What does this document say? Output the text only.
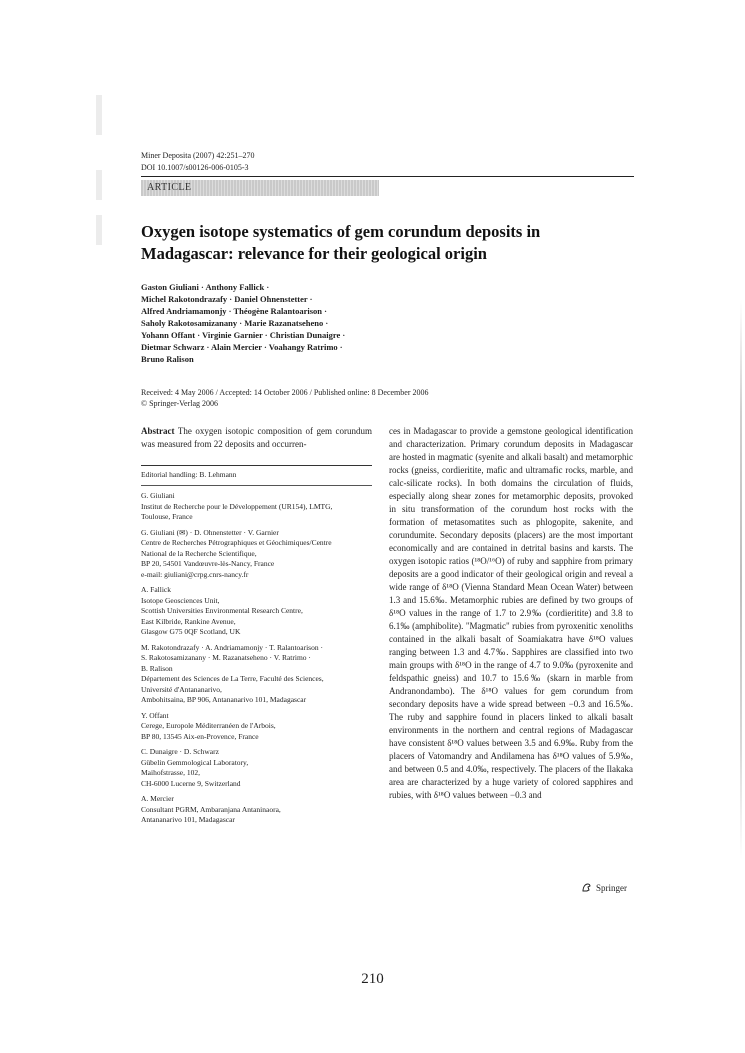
Miner Deposita (2007) 42:251–270
DOI 10.1007/s00126-006-0105-3
ARTICLE
Oxygen isotope systematics of gem corundum deposits in Madagascar: relevance for their geological origin
Gaston Giuliani · Anthony Fallick ·
Michel Rakotondrazafy · Daniel Ohnenstetter ·
Alfred Andriamamonjy · Théogène Ralantoarison ·
Saholy Rakotosamizanany · Marie Razanatseheno ·
Yohann Offant · Virginie Garnier · Christian Dunaigre ·
Dietmar Schwarz · Alain Mercier · Voahangy Ratrimo ·
Bruno Ralison
Received: 4 May 2006 / Accepted: 14 October 2006 / Published online: 8 December 2006
© Springer-Verlag 2006

Abstract The oxygen isotopic composition of gem corundum was measured from 22 deposits and occurren-

Editorial handling: B. Lehmann
G. Giuliani
Institut de Recherche pour le Développement (UR154), LMTG,
Toulouse, France
G. Giuliani (✉) · D. Ohnenstetter · V. Garnier
Centre de Recherches Pétrographiques et Géochimiques/Centre
National de la Recherche Scientifique,
BP 20, 54501 Vandœuvre-lès-Nancy, France
e-mail: giuliani@crpg.cnrs-nancy.fr
A. Fallick
Isotope Geosciences Unit,
Scottish Universities Environmental Research Centre,
East Kilbride, Rankine Avenue,
Glasgow G75 0QF Scotland, UK
M. Rakotondrazafy · A. Andriamamonjy · T. Ralantoarison ·
S. Rakotosamizanany · M. Razanatseheno · V. Ratrimo ·
B. Ralison
Département des Sciences de La Terre, Faculté des Sciences,
Université d'Antananarivo,
Ambohitsaina, BP 906, Antananarivo 101, Madagascar
Y. Offant
Cerege, Europole Méditerranéen de l'Arbois,
BP 80, 13545 Aix-en-Provence, France
C. Dunaigre · D. Schwarz
Gübelin Gemmological Laboratory,
Maihofstrasse, 102,
CH-6000 Lucerne 9, Switzerland
A. Mercier
Consultant PGRM, Ambaranjana Antaninaora,
Antananarivo 101, Madagascar

ces in Madagascar to provide a gemstone geological identification and characterization. Primary corundum deposits in Madagascar are hosted in magmatic (syenite and alkali basalt) and metamorphic rocks (gneiss, cordieritite, mafic and ultramafic rocks, marble, and calc-silicate rocks). In both domains the circulation of fluids, especially along shear zones for metamorphic deposits, provoked in situ transformation of the corundum host rocks with the formation of metasomatites such as phlogopite, sakenite, and corundumite. Secondary deposits (placers) are the most important economically and are contained in detrital basins and karsts. The oxygen isotopic ratios (¹⁸O/¹⁶O) of ruby and sapphire from primary deposits are a good indicator of their geological origin and reveal a wide range of δ¹⁸O (Vienna Standard Mean Ocean Water) between 1.3 and 15.6‰. Metamorphic rubies are defined by two groups of δ¹⁸O values in the range of 1.7 to 2.9‰ (cordieritite) and 3.8 to 6.1‰ (amphibolite). "Magmatic" rubies from pyroxenitic xenoliths contained in the alkali basalt of Soamiakatra have δ¹⁸O values ranging between 1.3 and 4.7‰. Sapphires are classified into two main groups with δ¹⁸O in the range of 4.7 to 9.0‰ (pyroxenite and feldspathic gneiss) and 10.7 to 15.6‰ (skarn in marble from Andranondambo). The δ¹⁸O values for gem corundum from secondary deposits have a wide spread between −0.3 and 16.5‰. The ruby and sapphire found in placers linked to alkali basalt environments in the northern and central regions of Madagascar have consistent δ¹⁸O values between 3.5 and 6.9‰. Ruby from the placers of Vatomandry and Andilamena has δ¹⁸O values of 5.9‰, and between 0.5 and 4.0‰, respectively. The placers of the Ilakaka area are characterized by a huge variety of colored sapphires and rubies, with δ¹⁸O values between −0.3 and

Springer
210
